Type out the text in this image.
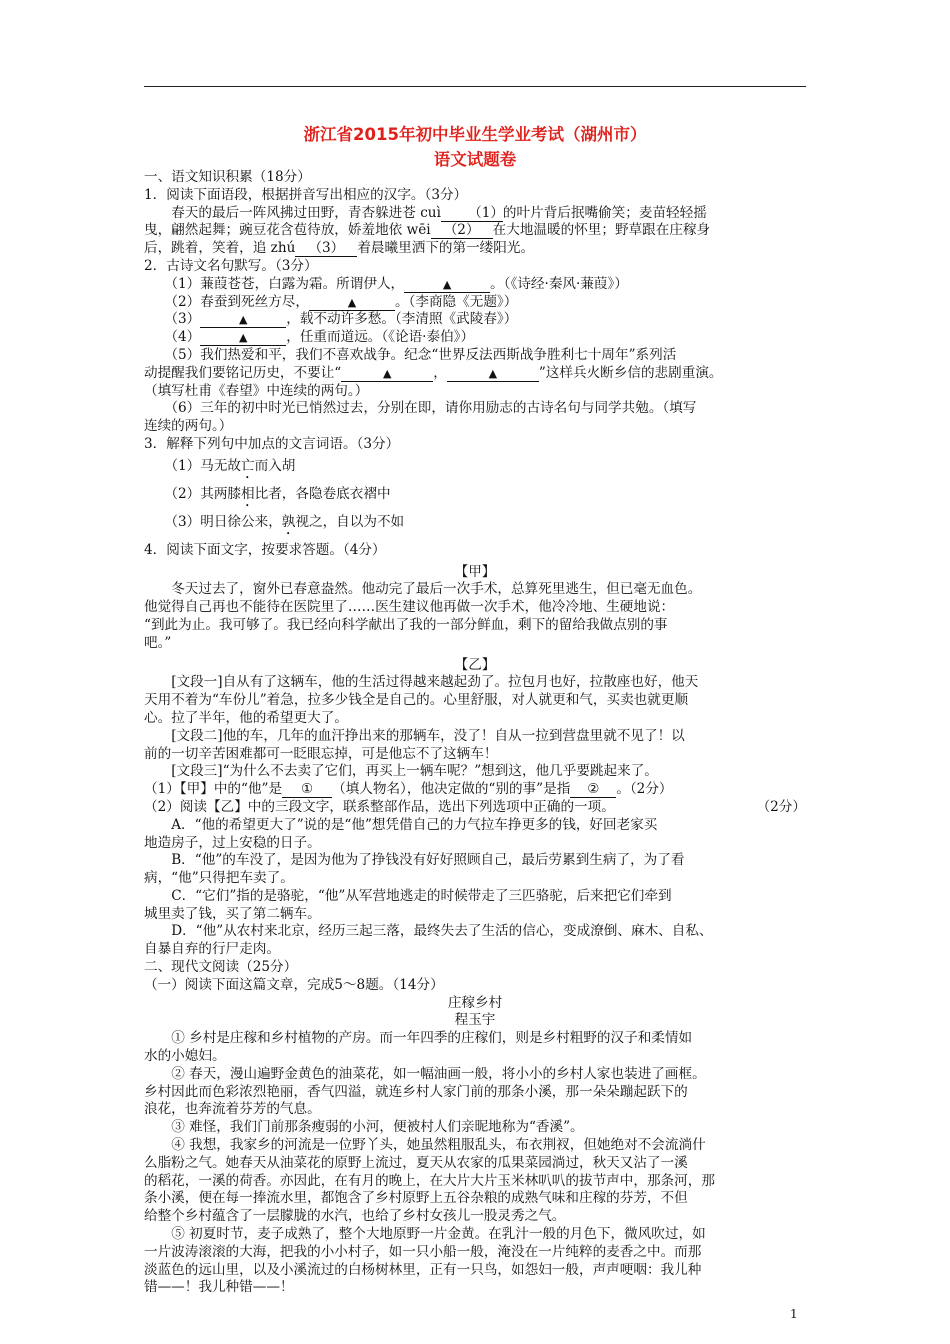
浙江省2015年初中毕业生学业考试（湖州市）
语文试题卷

一、语文知识积累（18分）

1．阅读下面语段，根据拼音写出相应的汉字。（3分）

春天的最后一阵风拂过田野，青杏躲进苍 cuì （1）的叶片背后抿嘴偷笑；麦苗轻轻摇

曳，翩然起舞；豌豆花含苞待放，娇羞地依 wēi （2） 在大地温暖的怀里；野草跟在庄稼身

后，跳着，笑着，追 zhú （3） 着晨曦里洒下的第一缕阳光。

2．古诗文名句默写。（3分）

（1）蒹葭苍苍，白露为霜。所谓伊人，	▲	。（《诗经·秦风·蒹葭》）

（2）春蚕到死丝方尽，	▲	。（李商隐《无题》）

（3）	▲	，载不动许多愁。（李清照《武陵春》）

（4）	▲	，任重而道远。（《论语·泰伯》）

（5）我们热爱和平，我们不喜欢战争。纪念“世界反法西斯战争胜利七十周年”系列活

动提醒我们要铭记历史，不要让“	▲	，	▲	”这样兵火断乡信的悲剧重演。

（填写杜甫《春望》中连续的两句。）

（6）三年的初中时光已悄然过去，分别在即，请你用励志的古诗名句与同学共勉。（填写

连续的两句。）

3．解释下列句中加点的文言词语。（3分）

（1）马无故亡而入胡

（2）其两膝相比者，各隐卷底衣褶中

（3）明日徐公来，孰视之，自以为不如

4．阅读下面文字，按要求答题。（4分）

【甲】

冬天过去了，窗外已春意盎然。他动完了最后一次手术，总算死里逃生，但已毫无血色。

他觉得自己再也不能待在医院里了……医生建议他再做一次手术，他冷冷地、生硬地说：

“到此为止。我可够了。我已经向科学献出了我的一部分鲜血，剩下的留给我做点别的事

吧。”

【乙】

[文段一]自从有了这辆车，他的生活过得越来越起劲了。拉包月也好，拉散座也好，他天

天用不着为“车份儿”着急，拉多少钱全是自己的。心里舒服，对人就更和气，买卖也就更顺

心。拉了半年，他的希望更大了。

[文段二]他的车，几年的血汗挣出来的那辆车，没了！自从一拉到营盘里就不见了！以

前的一切辛苦困难都可一眨眼忘掉，可是他忘不了这辆车！

[文段三]“为什么不去卖了它们，再买上一辆车呢？”想到这，他几乎要跳起来了。

（1）【甲】中的“他”是 ① （填人物名），他决定做的“别的事”是指 ② 。（2分）

（2）阅读【乙】中的三段文字，联系整部作品，选出下列选项中正确的一项。	（2分）

A．“他的希望更大了”说的是“他”想凭借自己的力气拉车挣更多的钱，好回老家买

地造房子，过上安稳的日子。

B．“他”的车没了，是因为他为了挣钱没有好好照顾自己，最后劳累到生病了，为了看

病，“他”只得把车卖了。

C．“它们”指的是骆驼，“他”从军营地逃走的时候带走了三匹骆驼，后来把它们牵到

城里卖了钱，买了第二辆车。

D．“他”从农村来北京，经历三起三落，最终失去了生活的信心，变成潦倒、麻木、自私、

自暴自弃的行尸走肉。

二、现代文阅读（25分）

（一）阅读下面这篇文章，完成5～8题。（14分）

庄稼乡村

程玉宇

① 乡村是庄稼和乡村植物的产房。而一年四季的庄稼们，则是乡村粗野的汉子和柔情如

水的小媳妇。

② 春天，漫山遍野金黄色的油菜花，如一幅油画一般，将小小的乡村人家也装进了画框。

乡村因此而色彩浓烈艳丽，香气四溢，就连乡村人家门前的那条小溪，那一朵朵蹦起跃下的

浪花，也奔流着芬芳的气息。

③ 难怪，我们门前那条瘦弱的小河，便被村人们亲昵地称为“香溪”。

④ 我想，我家乡的河流是一位野丫头，她虽然粗服乱头，布衣荆衩，但她绝对不会流淌什

么脂粉之气。她春天从油菜花的原野上流过，夏天从农家的瓜果菜园淌过，秋天又沾了一溪

的稻花，一溪的荷香。亦因此，在有月的晚上，在大片大片玉米林叭叭的拔节声中，那条河，那

条小溪，便在每一捧流水里，都饱含了乡村原野上五谷杂粮的成熟气味和庄稼的芬芳，不但

给整个乡村蕴含了一层朦胧的水汽，也给了乡村女孩儿一股灵秀之气。

⑤ 初夏时节，麦子成熟了，整个大地原野一片金黄。在乳汁一般的月色下，微风吹过，如

一片波涛滚滚的大海，把我的小小村子，如一只小船一般，淹没在一片纯粹的麦香之中。而那

淡蓝色的远山里，以及小溪流过的白杨树林里，正有一只鸟，如怨妇一般，声声哽咽：我儿种

错——！我儿种错——！

1
